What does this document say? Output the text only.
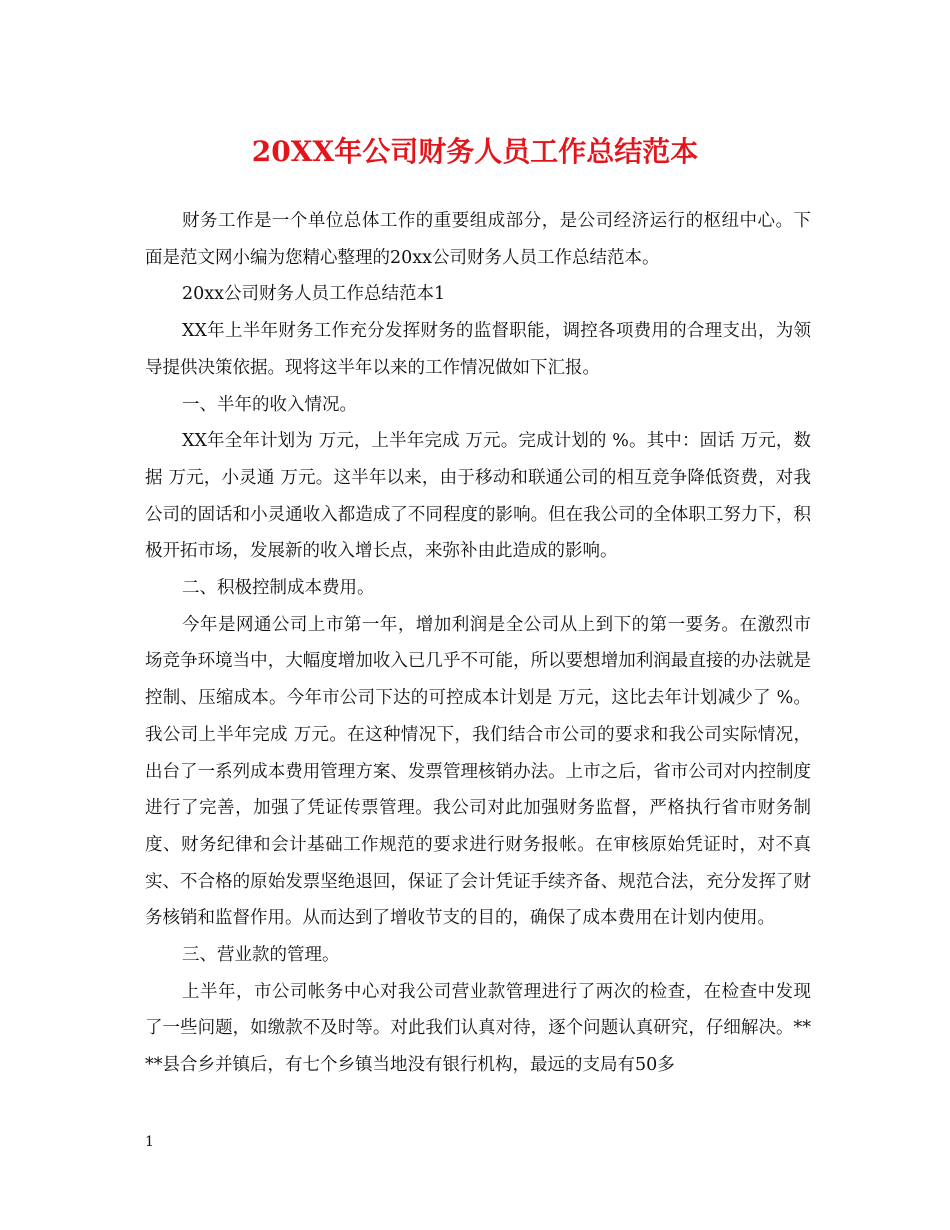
20XX年公司财务人员工作总结范本

财务工作是一个单位总体工作的重要组成部分，是公司经济运行的枢纽中心。下面是范文网小编为您精心整理的20xx公司财务人员工作总结范本。

20xx公司财务人员工作总结范本1

XX年上半年财务工作充分发挥财务的监督职能，调控各项费用的合理支出，为领导提供决策依据。现将这半年以来的工作情况做如下汇报。

一、半年的收入情况。

XX年全年计划为 万元，上半年完成 万元。完成计划的 %。其中：固话 万元，数据 万元，小灵通 万元。这半年以来，由于移动和联通公司的相互竞争降低资费，对我公司的固话和小灵通收入都造成了不同程度的影响。但在我公司的全体职工努力下，积极开拓市场，发展新的收入增长点，来弥补由此造成的影响。

二、积极控制成本费用。

今年是网通公司上市第一年，增加利润是全公司从上到下的第一要务。在激烈市场竞争环境当中，大幅度增加收入已几乎不可能，所以要想增加利润最直接的办法就是控制、压缩成本。今年市公司下达的可控成本计划是 万元，这比去年计划减少了 %。我公司上半年完成 万元。在这种情况下，我们结合市公司的要求和我公司实际情况，出台了一系列成本费用管理方案、发票管理核销办法。上市之后，省市公司对内控制度进行了完善，加强了凭证传票管理。我公司对此加强财务监督，严格执行省市财务制度、财务纪律和会计基础工作规范的要求进行财务报帐。在审核原始凭证时，对不真实、不合格的原始发票坚绝退回，保证了会计凭证手续齐备、规范合法，充分发挥了财务核销和监督作用。从而达到了增收节支的目的，确保了成本费用在计划内使用。

三、营业款的管理。

上半年，市公司帐务中心对我公司营业款管理进行了两次的检查，在检查中发现了一些问题，如缴款不及时等。对此我们认真对待，逐个问题认真研究，仔细解决。****县合乡并镇后，有七个乡镇当地没有银行机构，最远的支局有50多

1
